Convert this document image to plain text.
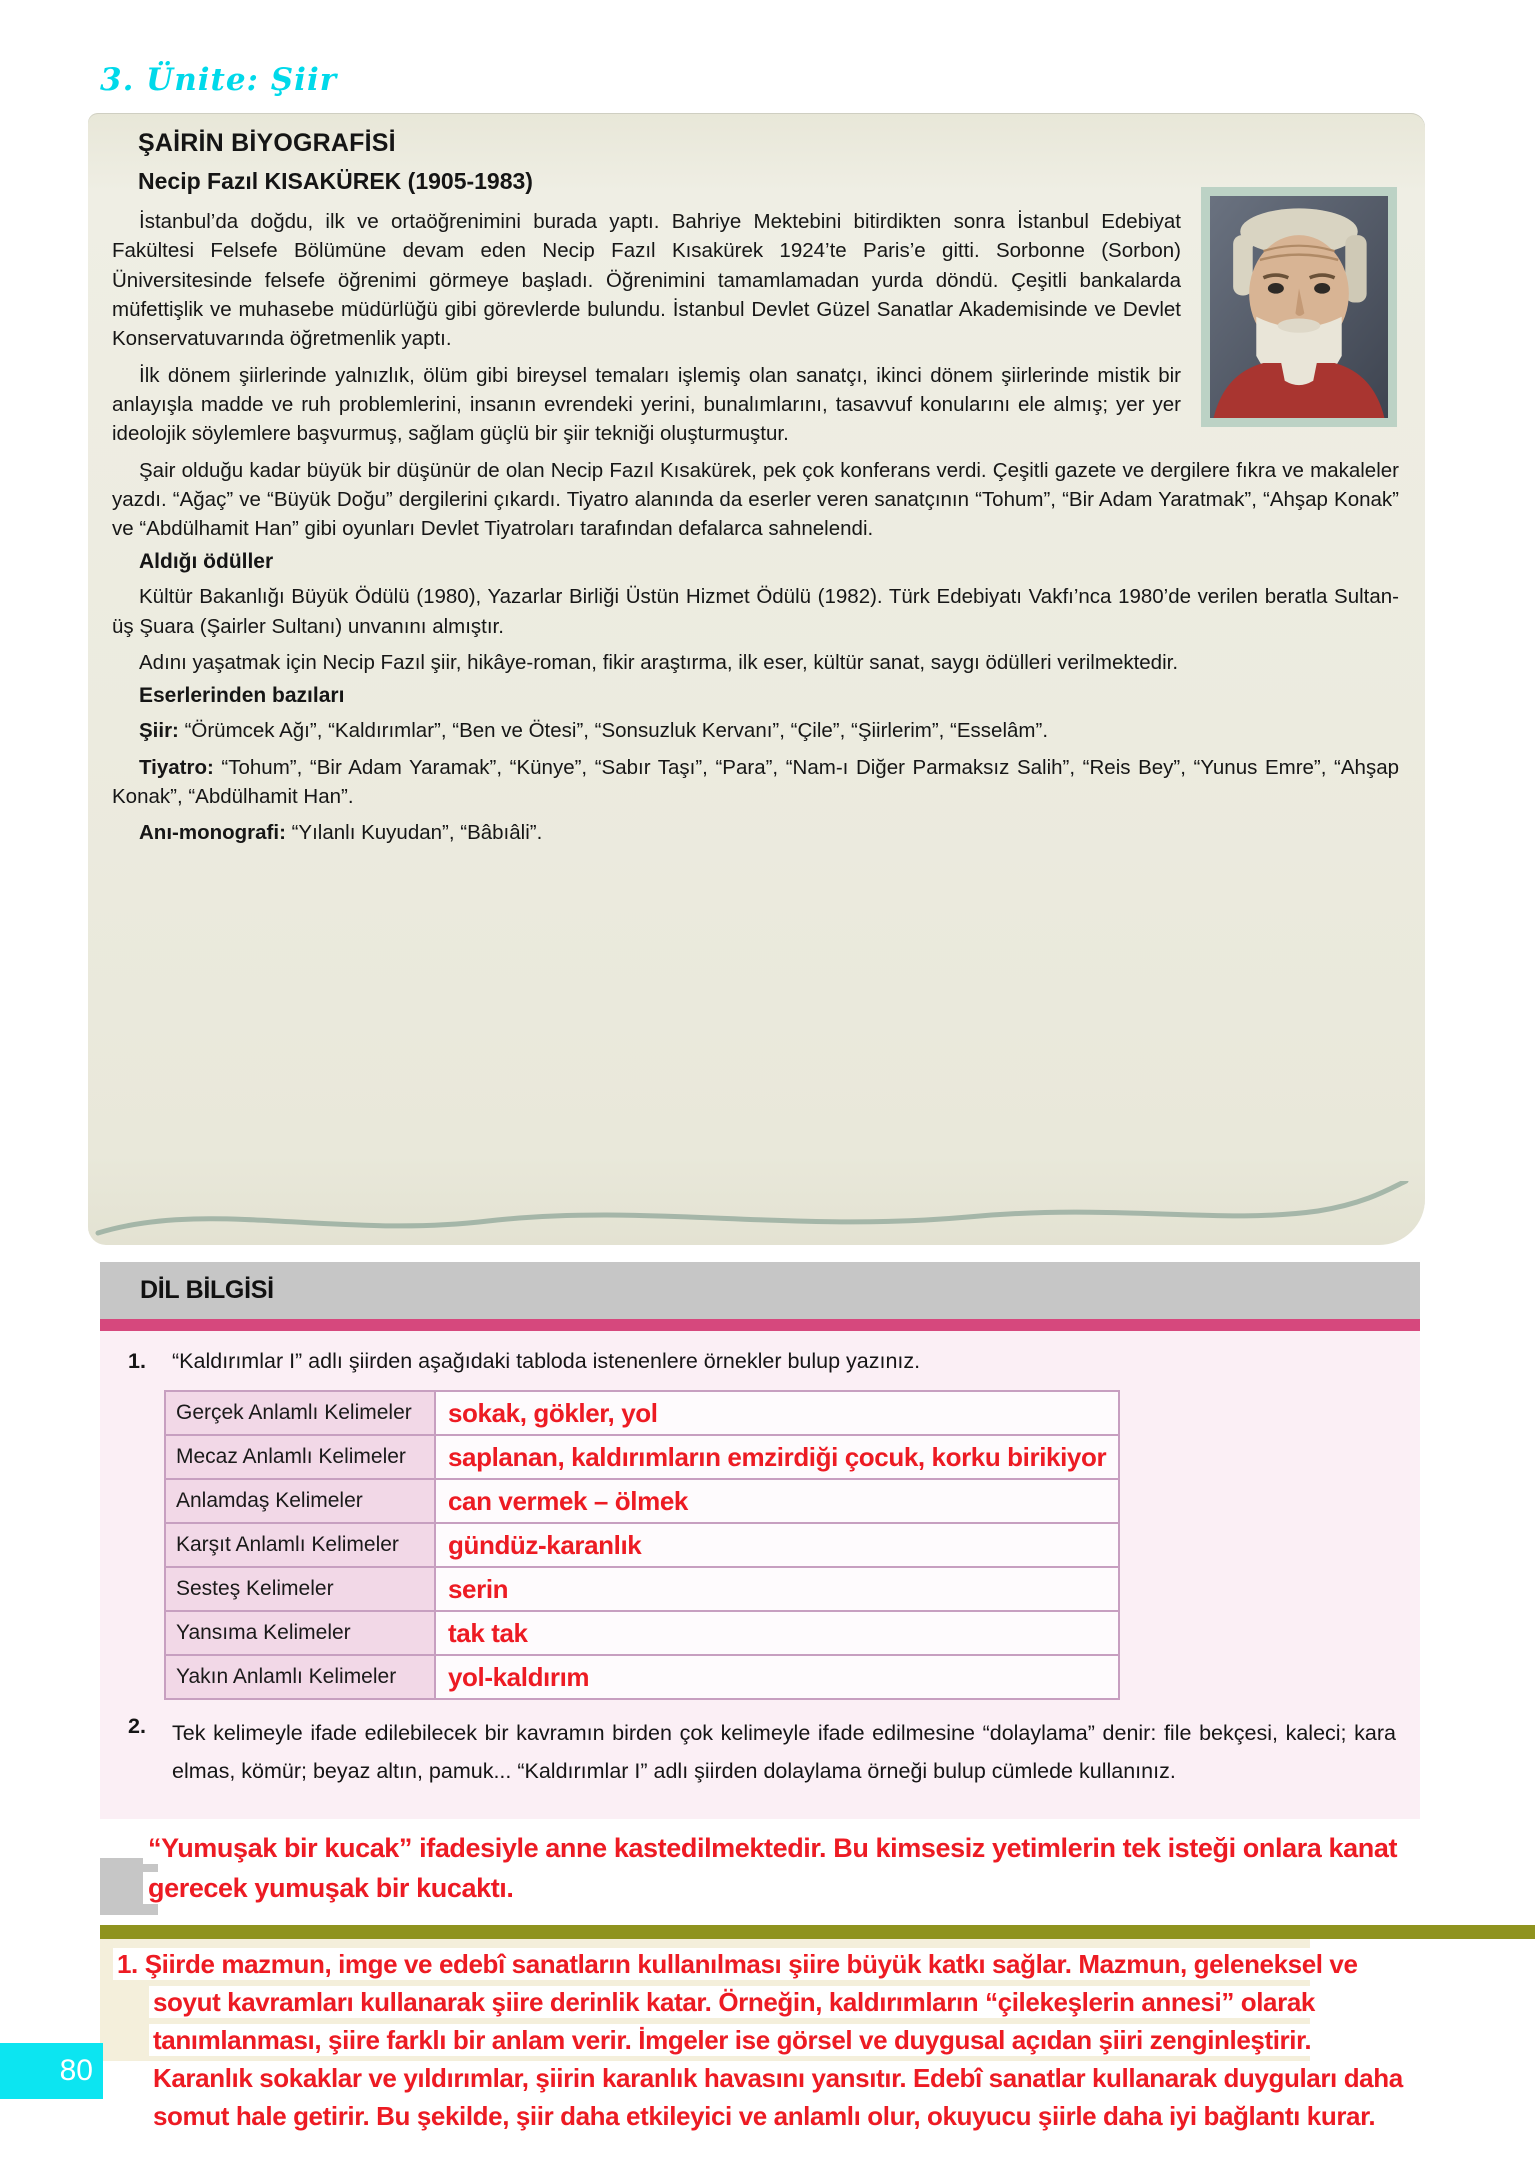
3. Ünite: Şiir
ŞAİRİN BİYOGRAFİSİ
Necip Fazıl KISAKÜREK (1905-1983)

İstanbul’da doğdu, ilk ve ortaöğrenimini burada yaptı. Bahriye Mektebini bitirdikten sonra İstanbul Edebiyat Fakültesi Felsefe Bölümüne devam eden Necip Fazıl Kısakürek 1924’te Paris’e gitti. Sorbonne (Sorbon) Üniversitesinde felsefe öğrenimi görmeye başladı. Öğrenimini tamamlamadan yurda döndü. Çeşitli bankalarda müfettişlik ve muhasebe müdürlüğü gibi görevlerde bulundu. İstanbul Devlet Güzel Sanatlar Akademisinde ve Devlet Konservatuvarında öğretmenlik yaptı.

İlk dönem şiirlerinde yalnızlık, ölüm gibi bireysel temaları işlemiş olan sanatçı, ikinci dönem şiirlerinde mistik bir anlayışla madde ve ruh problemlerini, insanın evrendeki yerini, bunalımlarını, tasavvuf konularını ele almış; yer yer ideolojik söylemlere başvurmuş, sağlam güçlü bir şiir tekniği oluşturmuştur.

Şair olduğu kadar büyük bir düşünür de olan Necip Fazıl Kısakürek, pek çok konferans verdi. Çeşitli gazete ve dergilere fıkra ve makaleler yazdı. “Ağaç” ve “Büyük Doğu” dergilerini çıkardı. Tiyatro alanında da eserler veren sanatçının “Tohum”, “Bir Adam Yaratmak”, “Ahşap Konak” ve “Abdülhamit Han” gibi oyunları Devlet Tiyatroları tarafından defalarca sahnelendi.

Aldığı ödüller

Kültür Bakanlığı Büyük Ödülü (1980), Yazarlar Birliği Üstün Hizmet Ödülü (1982). Türk Edebiyatı Vakfı’nca 1980’de verilen beratla Sultan-üş Şuara (Şairler Sultanı) unvanını almıştır.

Adını yaşatmak için Necip Fazıl şiir, hikâye-roman, fikir araştırma, ilk eser, kültür sanat, saygı ödülleri verilmektedir.

Eserlerinden bazıları

Şiir: “Örümcek Ağı”, “Kaldırımlar”, “Ben ve Ötesi”, “Sonsuzluk Kervanı”, “Çile”, “Şiirlerim”, “Esselâm”.

Tiyatro: “Tohum”, “Bir Adam Yaramak”, “Künye”, “Sabır Taşı”, “Para”, “Nam-ı Diğer Parmaksız Salih”, “Reis Bey”, “Yunus Emre”, “Ahşap Konak”, “Abdülhamit Han”.

Anı-monografi: “Yılanlı Kuyudan”, “Bâbıâli”.

DİL BİLGİSİ
1.	“Kaldırımlar I” adlı şiirden aşağıdaki tabloda istenenlere örnekler bulup yazınız.
Gerçek Anlamlı Kelimeler	sokak, gökler, yol
Mecaz Anlamlı Kelimeler	saplanan, kaldırımların emzirdiği çocuk, korku birikiyor
Anlamdaş Kelimeler	can vermek – ölmek
Karşıt Anlamlı Kelimeler	gündüz-karanlık
Sesteş Kelimeler	serin
Yansıma Kelimeler	tak tak
Yakın Anlamlı Kelimeler	yol-kaldırım
2.	Tek kelimeyle ifade edilebilecek bir kavramın birden çok kelimeyle ifade edilmesine “dolaylama” denir: file bekçesi, kaleci; kara elmas, kömür; beyaz altın, pamuk... “Kaldırımlar I” adlı şiirden dolaylama örneği bulup cümlede kullanınız.
“Yumuşak bir kucak” ifadesiyle anne kastedilmektedir. Bu kimsesiz yetimlerin tek isteği onlara kanat gerecek yumuşak bir kucaktı.
1. Şiirde mazmun, imge ve edebî sanatların kullanılması şiire büyük katkı sağlar. Mazmun, geleneksel ve soyut kavramları kullanarak şiire derinlik katar. Örneğin, kaldırımların “çilekeşlerin annesi” olarak tanımlanması, şiire farklı bir anlam verir. İmgeler ise görsel ve duygusal açıdan şiiri zenginleştirir. Karanlık sokaklar ve yıldırımlar, şiirin karanlık havasını yansıtır. Edebî sanatlar kullanarak duyguları daha somut hale getirir. Bu şekilde, şiir daha etkileyici ve anlamlı olur, okuyucu şiirle daha iyi bağlantı kurar.
80
